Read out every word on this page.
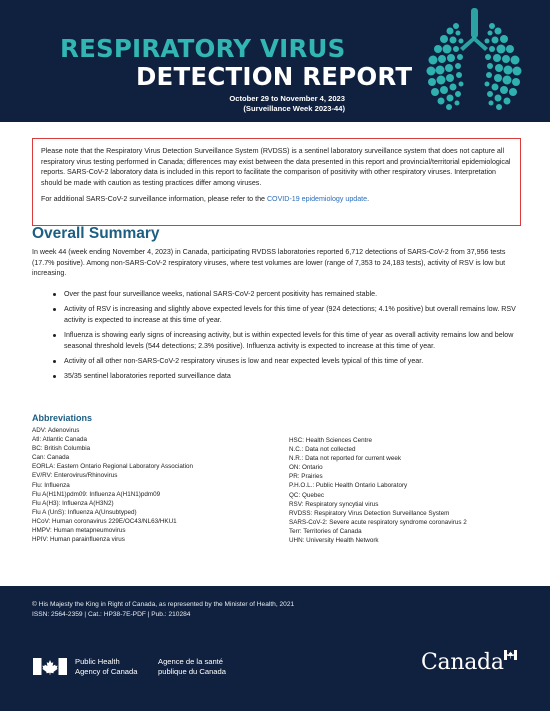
RESPIRATORY VIRUS
DETECTION REPORT
October 29 to November 4, 2023
(Surveillance Week 2023-44)

Please note that the Respiratory Virus Detection Surveillance System (RVDSS) is a sentinel laboratory surveillance system that does not capture all respiratory virus testing performed in Canada; differences may exist between the data presented in this report and provincial/territorial epidemiological reports. SARS-CoV-2 laboratory data is included in this report to facilitate the comparison of positivity with other respiratory viruses. Interpretation should be made with caution as testing practices differ among viruses.

For additional SARS-CoV-2 surveillance information, please refer to the COVID-19 epidemiology update.

Overall Summary

In week 44 (week ending November 4, 2023) in Canada, participating RVDSS laboratories reported 6,712 detections of SARS-CoV-2 from 37,956 tests (17.7% positive). Among non-SARS-CoV-2 respiratory viruses, where test volumes are lower (range of 7,353 to 24,183 tests), activity of RSV is low but increasing.

Over the past four surveillance weeks, national SARS-CoV-2 percent positivity has remained stable.
Activity of RSV is increasing and slightly above expected levels for this time of year (924 detections; 4.1% positive) but overall remains low. RSV activity is expected to increase at this time of year.
Influenza is showing early signs of increasing activity, but is within expected levels for this time of year as overall activity remains low and below seasonal threshold levels (544 detections; 2.3% positive). Influenza activity is expected to increase at this time of year.
Activity of all other non-SARS-CoV-2 respiratory viruses is low and near expected levels typical of this time of year.
35/35 sentinel laboratories reported surveillance data
Abbreviations
ADV: Adenovirus
Atl: Atlantic Canada
BC: British Columbia
Can: Canada
EORLA: Eastern Ontario Regional Laboratory Association
EV/RV: Enterovirus/Rhinovirus
Flu: Influenza
Flu A(H1N1)pdm09: Influenza A(H1N1)pdm09
Flu A(H3): Influenza A(H3N2)
Flu A (UnS): Influenza A(Unsubtyped)
HCoV: Human coronavirus 229E/OC43/NL63/HKU1
HMPV: Human metapneumovirus
HPIV: Human parainfluenza virus
HSC: Health Sciences Centre
N.C.: Data not collected
N.R.: Data not reported for current week
ON: Ontario
PR: Prairies
P.H.O.L.: Public Health Ontario Laboratory
QC: Quebec
RSV: Respiratory syncytial virus
RVDSS: Respiratory Virus Detection Surveillance System
SARS-CoV-2: Severe acute respiratory syndrome coronavirus 2
Terr: Territories of Canada
UHN: University Health Network
© His Majesty the King in Right of Canada, as represented by the Minister of Health, 2021
ISSN: 2564-2359 | Cat.: HP38-7E-PDF | Pub.: 210284
Public Health
Agency of Canada
Agence de la santé
publique du Canada	Canada
